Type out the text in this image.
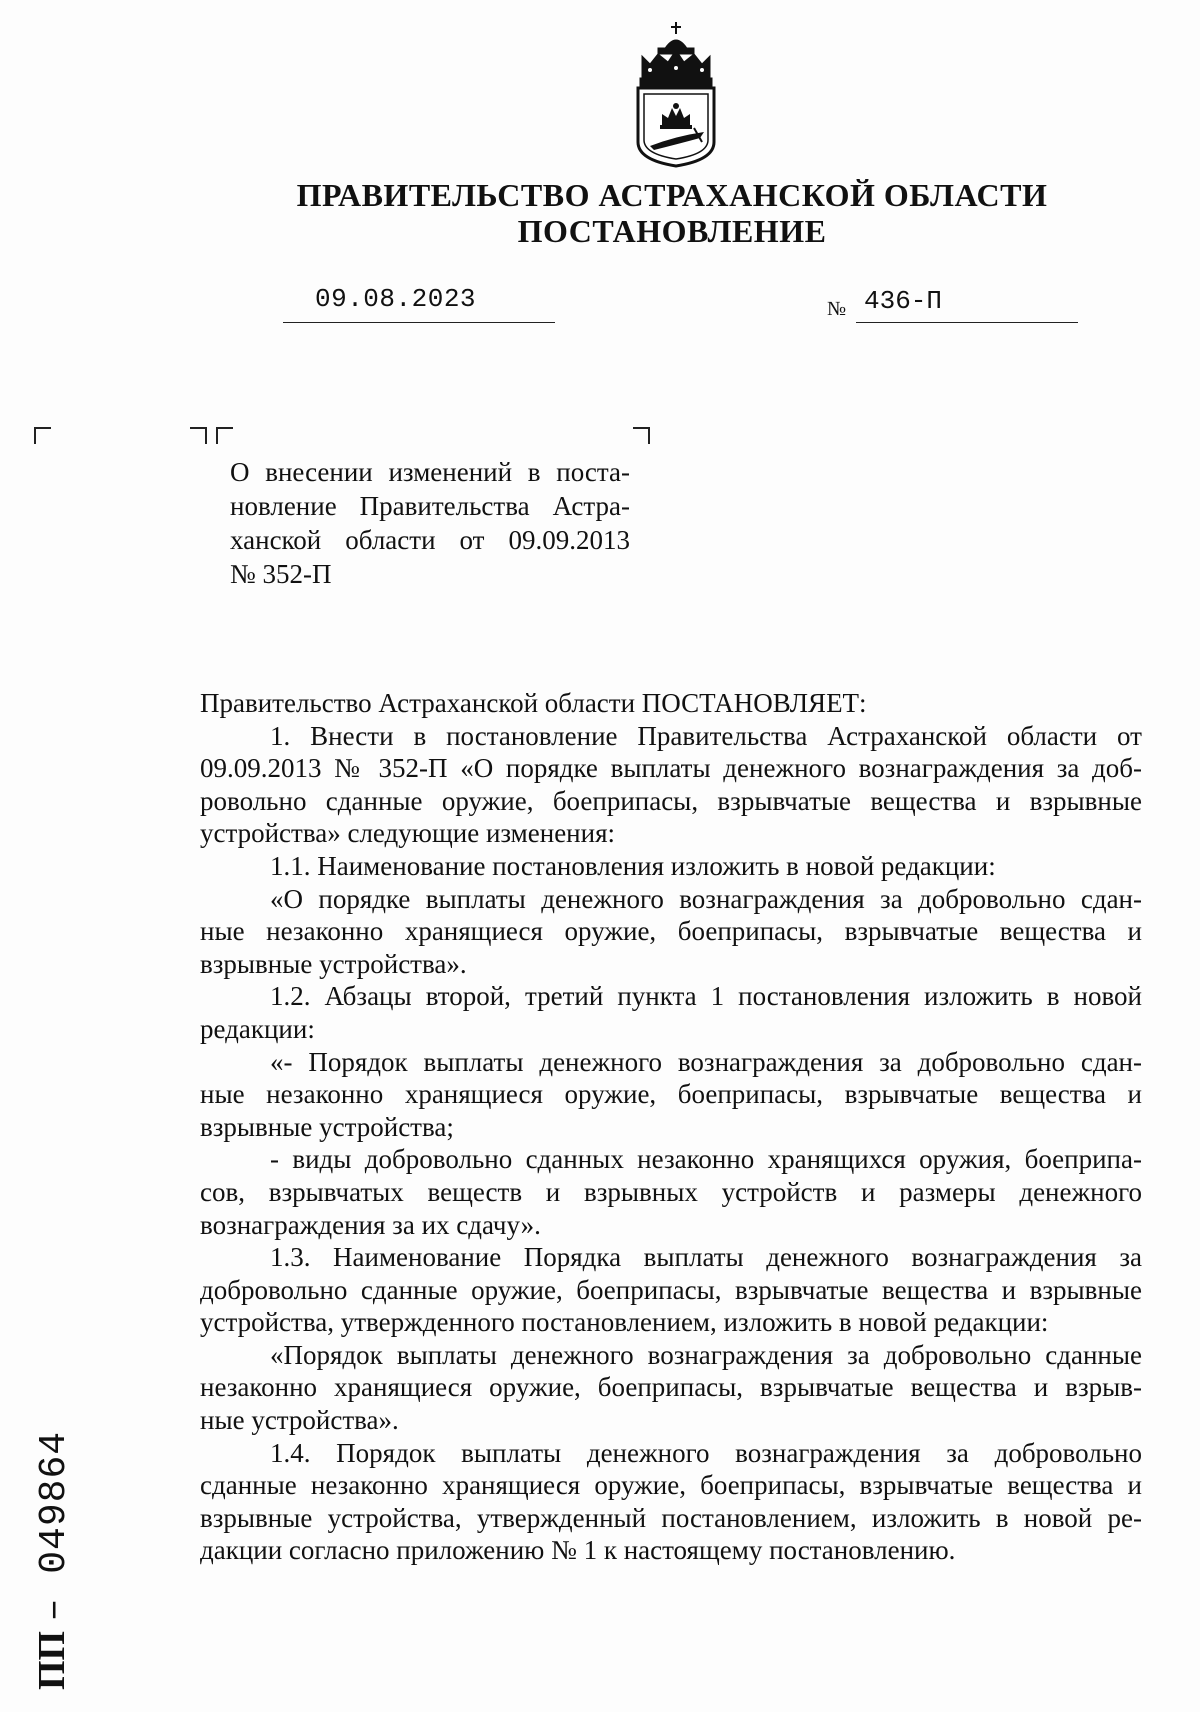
ПРАВИТЕЛЬСТВО АСТРАХАНСКОЙ ОБЛАСТИ
ПОСТАНОВЛЕНИЕ
09.08.2023	№ 436-П
О внесении изменений в поста-
новление Правительства Астра-
ханской области от 09.09.2013
№ 352-П
Правительство Астраханской области ПОСТАНОВЛЯЕТ:
1. Внести в постановление Правительства Астраханской области от
09.09.2013 № 352-П «О порядке выплаты денежного вознаграждения за доб-
ровольно сданные оружие, боеприпасы, взрывчатые вещества и взрывные
устройства» следующие изменения:
1.1. Наименование постановления изложить в новой редакции:
«О порядке выплаты денежного вознаграждения за добровольно сдан-
ные незаконно хранящиеся оружие, боеприпасы, взрывчатые вещества и
взрывные устройства».
1.2. Абзацы второй, третий пункта 1 постановления изложить в новой
редакции:
«- Порядок выплаты денежного вознаграждения за добровольно сдан-
ные незаконно хранящиеся оружие, боеприпасы, взрывчатые вещества и
взрывные устройства;
- виды добровольно сданных незаконно хранящихся оружия, боеприпа-
сов, взрывчатых веществ и взрывных устройств и размеры денежного
вознаграждения за их сдачу».
1.3. Наименование Порядка выплаты денежного вознаграждения за
добровольно сданные оружие, боеприпасы, взрывчатые вещества и взрывные
устройства, утвержденного постановлением, изложить в новой редакции:
«Порядок выплаты денежного вознаграждения за добровольно сданные
незаконно хранящиеся оружие, боеприпасы, взрывчатые вещества и взрыв-
ные устройства».
1.4. Порядок выплаты денежного вознаграждения за добровольно
сданные незаконно хранящиеся оружие, боеприпасы, взрывчатые вещества и
взрывные устройства, утвержденный постановлением, изложить в новой ре-
дакции согласно приложению № 1 к настоящему постановлению.
ПП – 049864
